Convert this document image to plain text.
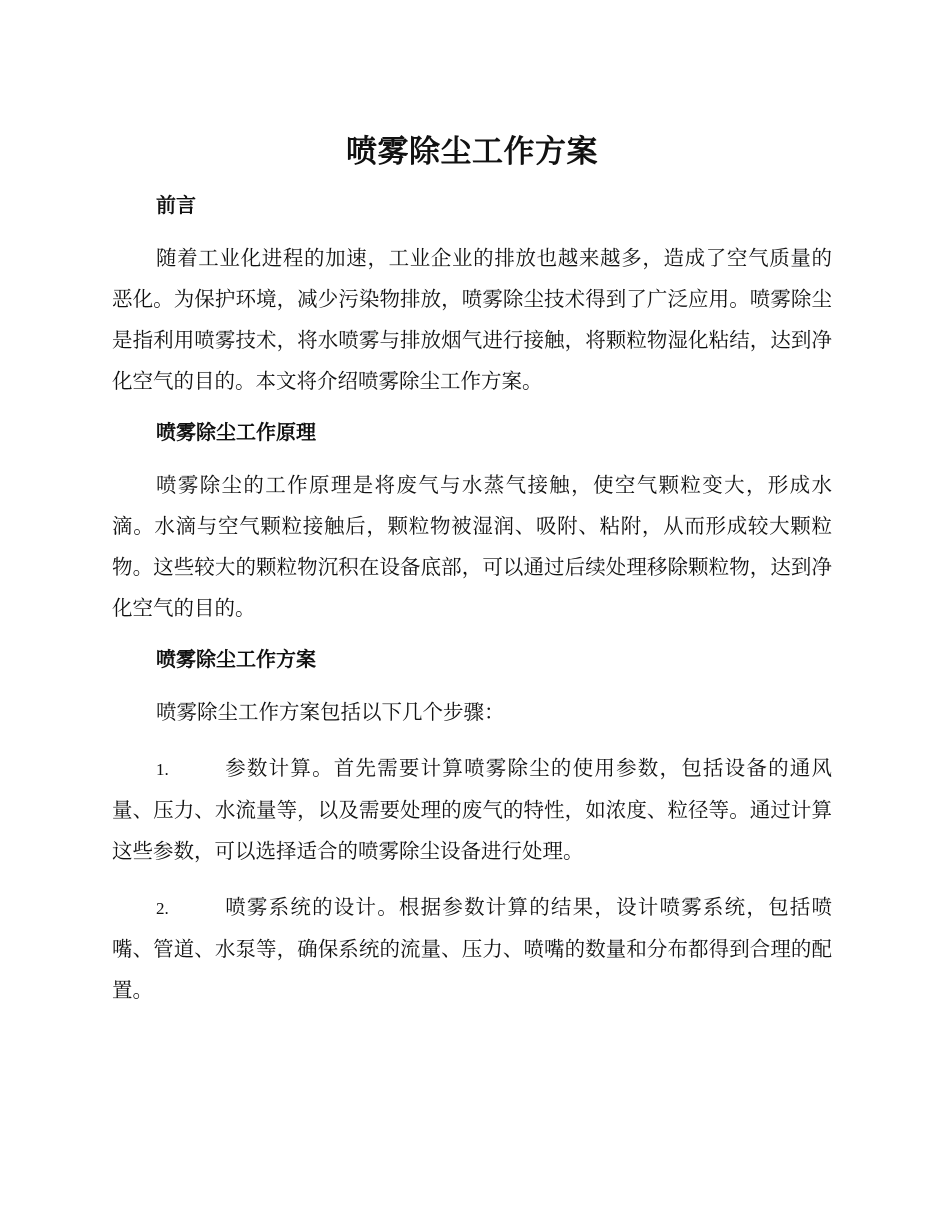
喷雾除尘工作方案
前言

随着工业化进程的加速，工业企业的排放也越来越多，造成了空气质量的恶化。为保护环境，减少污染物排放，喷雾除尘技术得到了广泛应用。喷雾除尘是指利用喷雾技术，将水喷雾与排放烟气进行接触，将颗粒物湿化粘结，达到净化空气的目的。本文将介绍喷雾除尘工作方案。

喷雾除尘工作原理

喷雾除尘的工作原理是将废气与水蒸气接触，使空气颗粒变大，形成水滴。水滴与空气颗粒接触后，颗粒物被湿润、吸附、粘附，从而形成较大颗粒物。这些较大的颗粒物沉积在设备底部，可以通过后续处理移除颗粒物，达到净化空气的目的。

喷雾除尘工作方案

喷雾除尘工作方案包括以下几个步骤：

1.	参数计算。首先需要计算喷雾除尘的使用参数，包括设备的通风量、压力、水流量等，以及需要处理的废气的特性，如浓度、粒径等。通过计算这些参数，可以选择适合的喷雾除尘设备进行处理。

2.	喷雾系统的设计。根据参数计算的结果，设计喷雾系统，包括喷嘴、管道、水泵等，确保系统的流量、压力、喷嘴的数量和分布都得到合理的配置。
